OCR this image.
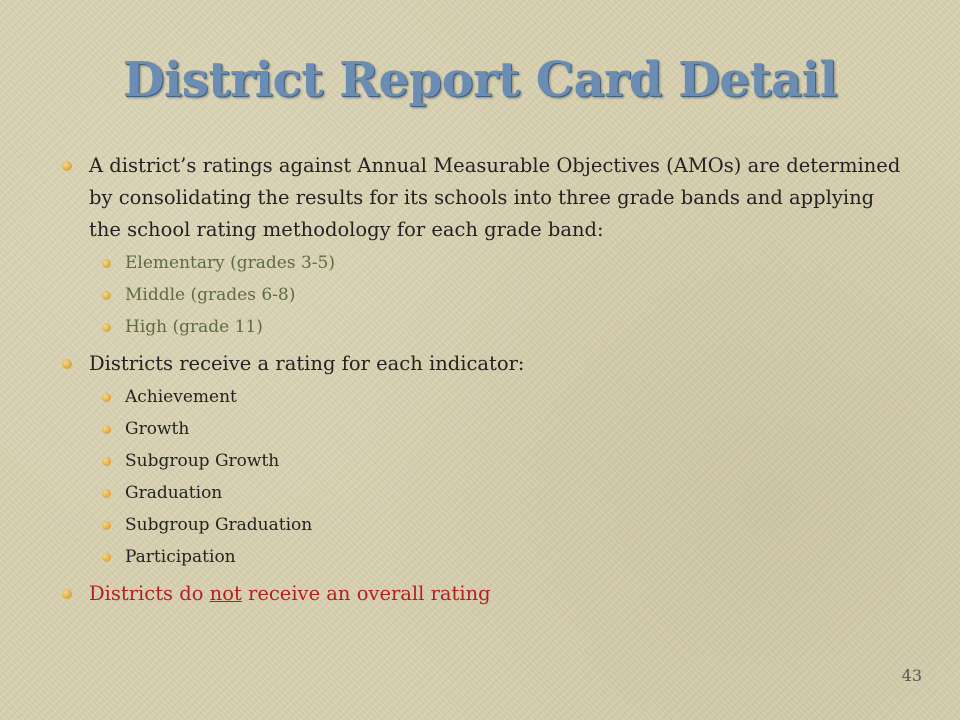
District Report Card Detail
A district’s ratings against Annual Measurable Objectives (AMOs) are determined by consolidating the results for its schools into three grade bands and applying the school rating methodology for each grade band:
Elementary (grades 3-5)
Middle (grades 6-8)
High (grade 11)
Districts receive a rating for each indicator:
Achievement
Growth
Subgroup Growth
Graduation
Subgroup Graduation
Participation
Districts do not receive an overall rating
43
